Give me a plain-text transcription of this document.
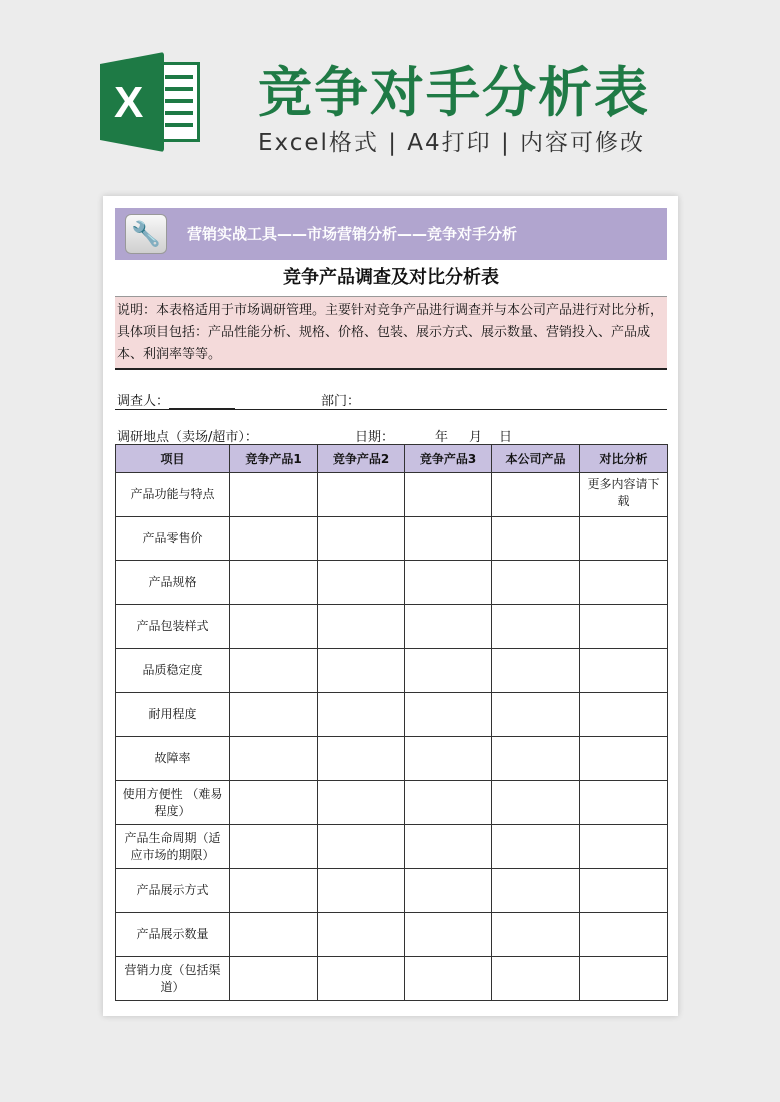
X 竞争对手分析表
Excel格式 | A4打印 | 内容可修改
🔧	营销实战工具——市场营销分析——竞争对手分析
竞争产品调查及对比分析表
说明：本表格适用于市场调研管理。主要针对竞争产品进行调查并与本公司产品进行对比分析，具体项目包括：产品性能分析、规格、价格、包装、展示方式、展示数量、营销投入、产品成本、利润率等等。
调查人：	部门：
调研地点（卖场/超市）：	日期：	年 月 日
项目	竞争产品1	竞争产品2	竞争产品3	本公司产品	对比分析
产品功能与特点					更多内容请下载
产品零售价					
产品规格					
产品包装样式					
品质稳定度					
耐用程度					
故障率					
使用方便性 （难易程度）					
产品生命周期（适应市场的期限）					
产品展示方式					
产品展示数量					
营销力度（包括渠道）					
